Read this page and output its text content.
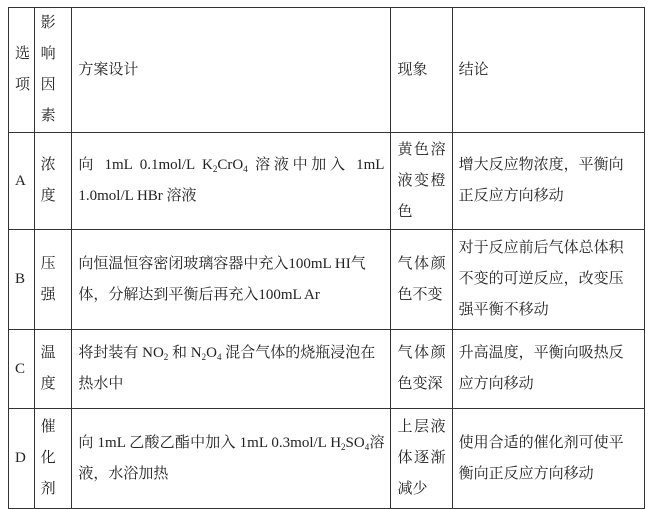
选项	影响因素	方案设计	现象	结论
A	浓度	向 1mL 0.1mol/L $K_2CrO_4$ 溶液中加入 1mL 1.0mol/L HBr 溶液	黄色溶液变橙色	增大反应物浓度，平衡向正反应方向移动
B	压强	向恒温恒容密闭玻璃容器中充入100mL HI气体，分解达到平衡后再充入100mL Ar	气体颜色不变	对于反应前后气体总体积不变的可逆反应，改变压强平衡不移动
C	温度	将封装有 $NO_2$ 和 $N_2O_4$ 混合气体的烧瓶浸泡在热水中	气体颜色变深	升高温度，平衡向吸热反应方向移动
D	催化剂	向 1mL 乙酸乙酯中加入 1mL 0.3mol/L $H_2SO_4$溶液，水浴加热	上层液体逐渐减少	使用合适的催化剂可使平衡向正反应方向移动
